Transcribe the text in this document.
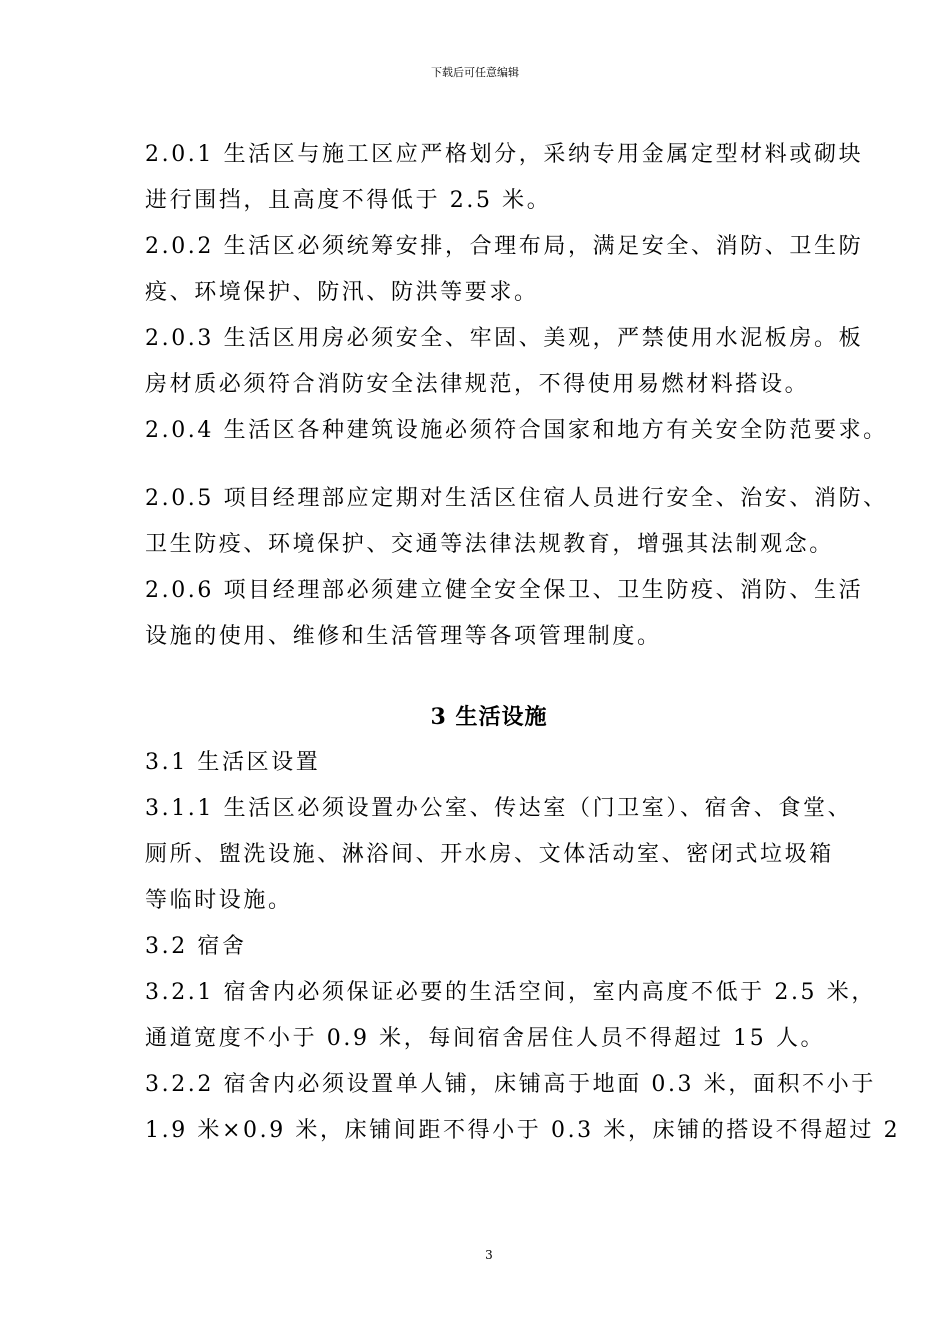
下载后可任意编辑

2.0.1 生活区与施工区应严格划分，采纳专用金属定型材料或砌块

进行围挡，且高度不得低于 2.5 米。

2.0.2 生活区必须统筹安排，合理布局，满足安全、消防、卫生防

疫、环境保护、防汛、防洪等要求。

2.0.3 生活区用房必须安全、牢固、美观，严禁使用水泥板房。板

房材质必须符合消防安全法律规范，不得使用易燃材料搭设。

2.0.4 生活区各种建筑设施必须符合国家和地方有关安全防范要求。

2.0.5 项目经理部应定期对生活区住宿人员进行安全、治安、消防、

卫生防疫、环境保护、交通等法律法规教育，增强其法制观念。

2.0.6 项目经理部必须建立健全安全保卫、卫生防疫、消防、生活

设施的使用、维修和生活管理等各项管理制度。

3 生活设施

3.1 生活区设置

3.1.1 生活区必须设置办公室、传达室（门卫室）、宿舍、食堂、

厕所、盥洗设施、淋浴间、开水房、文体活动室、密闭式垃圾箱

等临时设施。

3.2 宿舍

3.2.1 宿舍内必须保证必要的生活空间，室内高度不低于 2.5 米，

通道宽度不小于 0.9 米，每间宿舍居住人员不得超过 15 人。

3.2.2 宿舍内必须设置单人铺，床铺高于地面 0.3 米，面积不小于

1.9 米×0.9 米，床铺间距不得小于 0.3 米，床铺的搭设不得超过 2

3
